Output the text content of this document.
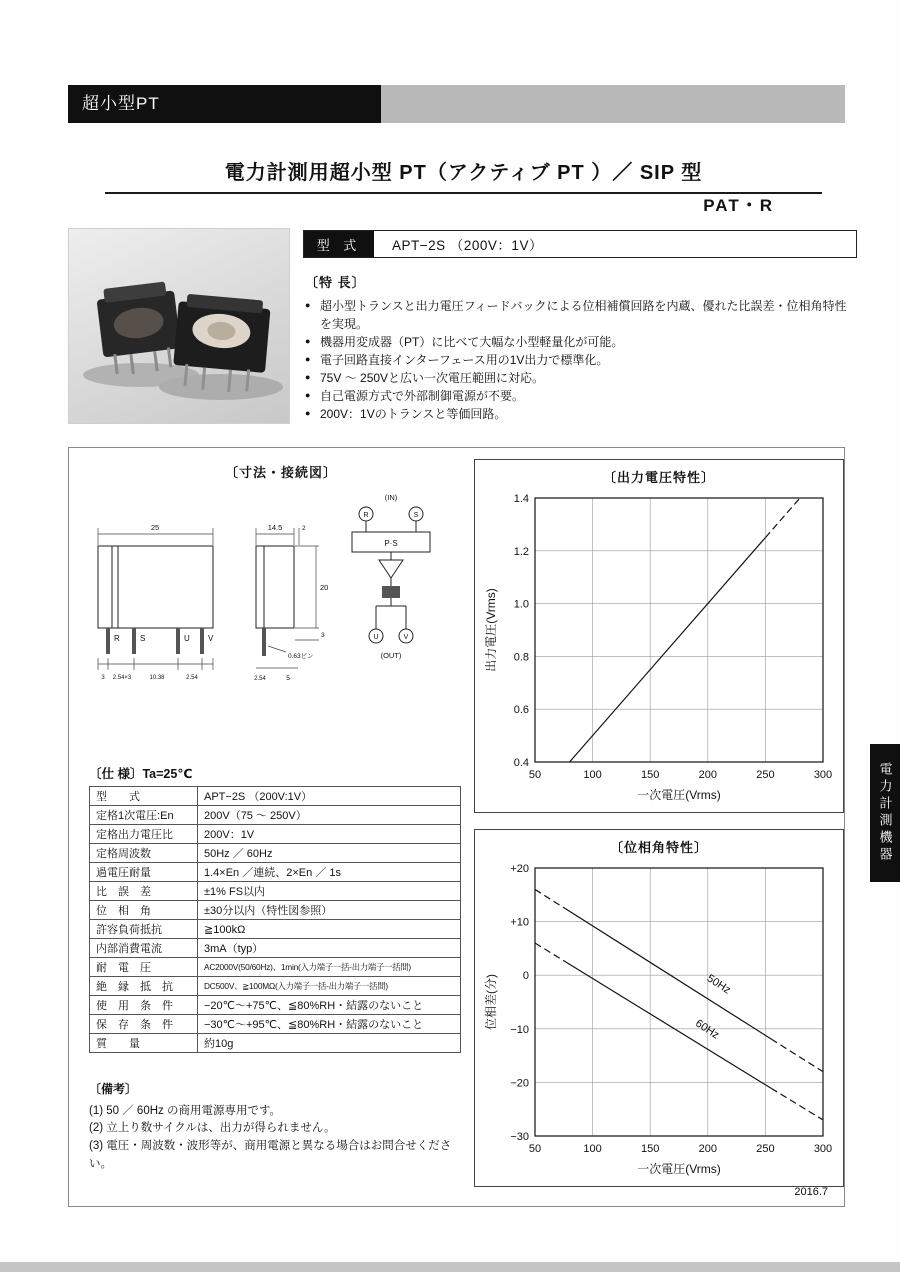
超小型PT
電力計測用超小型 PT（アクティブ PT ）／ SIP 型
PAT・R
型 式	APT−2S （200V：1V）
〔特 長〕
● 超小型トランスと出力電圧フィードバックによる位相補償回路を内蔵、優れた比誤差・位相角特性を実現。
● 機器用変成器（PT）に比べて大幅な小型軽量化が可能。
● 電子回路直接インターフェース用の1V出力で標準化。
● 75V 〜 250Vと広い一次電圧範囲に対応。
● 自己電源方式で外部制御電源が不要。
● 200V：1Vのトランスと等価回路。
〔寸法・接続図〕
R	S	U V
25
3 2.54×3	10.38	2.54
14.5	2
20
3
0.63ピン
2.54	5
(IN)
R	S
P·S
U	V
(OUT)
〔仕 様〕Ta=25℃
型　　式	APT−2S （200V:1V）
定格1次電圧:En	200V（75 〜 250V）
定格出力電圧比	200V：1V
定格周波数	50Hz ／ 60Hz
過電圧耐量	1.4×En ／連続、2×En ／ 1s
比　誤　差	±1% FS以内
位　相　角	±30分以内（特性図参照）
許容負荷抵抗	≧100kΩ
内部消費電流	3mA（typ）
耐　電　圧	AC2000V(50/60Hz)、1min(入力端子一括-出力端子一括間)
絶　縁　抵　抗	DC500V、≧100MΩ(入力端子一括-出力端子一括間)
使　用　条　件	−20℃〜+75℃、≦80%RH・結露のないこと
保　存　条　件	−30℃〜+95℃、≦80%RH・結露のないこと
質　　量	約10g
〔備考〕
(1) 50 ／ 60Hz の商用電源専用です。
(2) 立上り数サイクルは、出力が得られません。
(3) 電圧・周波数・波形等が、商用電源と異なる場合はお問合せください。
〔出力電圧特性〕
50	100	150	200	250	300
0.4
0.6
0.8
1.0
1.2
1.4
一次電圧(Vrms)
出力電圧(Vrms)
〔位相角特性〕
50	100	150	200	250	300
−30
−20
−10
0
+10
+20
一次電圧(Vrms)
位相差(分)	50Hz
60Hz
2016.7
電力計測機器
